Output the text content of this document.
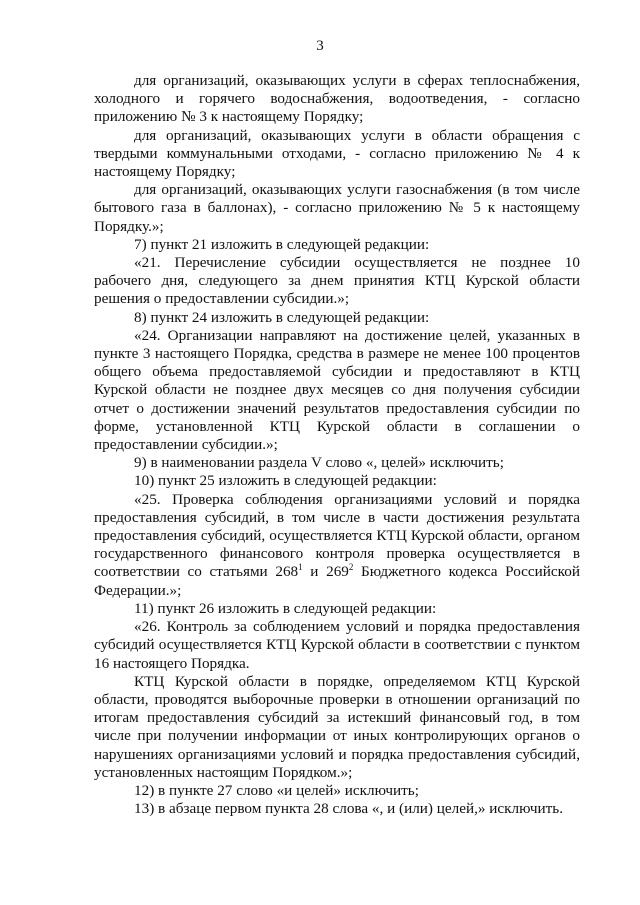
3

для организаций, оказывающих услуги в сферах теплоснабжения, холодного и горячего водоснабжения, водоотведения, - согласно приложению № 3 к настоящему Порядку;

для организаций, оказывающих услуги в области обращения с твердыми коммунальными отходами, - согласно приложению № 4 к настоящему Порядку;

для организаций, оказывающих услуги газоснабжения (в том числе бытового газа в баллонах), - согласно приложению № 5 к настоящему Порядку.»;

7) пункт 21 изложить в следующей редакции:

«21. Перечисление субсидии осуществляется не позднее 10 рабочего дня, следующего за днем принятия КТЦ Курской области решения о предоставлении субсидии.»;

8) пункт 24 изложить в следующей редакции:

«24. Организации направляют на достижение целей, указанных в пункте 3 настоящего Порядка, средства в размере не менее 100 процентов общего объема предоставляемой субсидии и предоставляют в КТЦ Курской области не позднее двух месяцев со дня получения субсидии отчет о достижении значений результатов предоставления субсидии по форме, установленной КТЦ Курской области в соглашении о предоставлении субсидии.»;

9) в наименовании раздела V слово «, целей» исключить;

10) пункт 25 изложить в следующей редакции:

«25. Проверка соблюдения организациями условий и порядка предоставления субсидий, в том числе в части достижения результата предоставления субсидий, осуществляется КТЦ Курской области, органом государственного финансового контроля проверка осуществляется в соответствии со статьями $268^1$ и $269^2$ Бюджетного кодекса Российской Федерации.»;

11) пункт 26 изложить в следующей редакции:

«26. Контроль за соблюдением условий и порядка предоставления субсидий осуществляется КТЦ Курской области в соответствии с пунктом 16 настоящего Порядка.

КТЦ Курской области в порядке, определяемом КТЦ Курской области, проводятся выборочные проверки в отношении организаций по итогам предоставления субсидий за истекший финансовый год, в том числе при получении информации от иных контролирующих органов о нарушениях организациями условий и порядка предоставления субсидий, установленных настоящим Порядком.»;

12) в пункте 27 слово «и целей» исключить;

13) в абзаце первом пункта 28 слова «, и (или) целей,» исключить.
